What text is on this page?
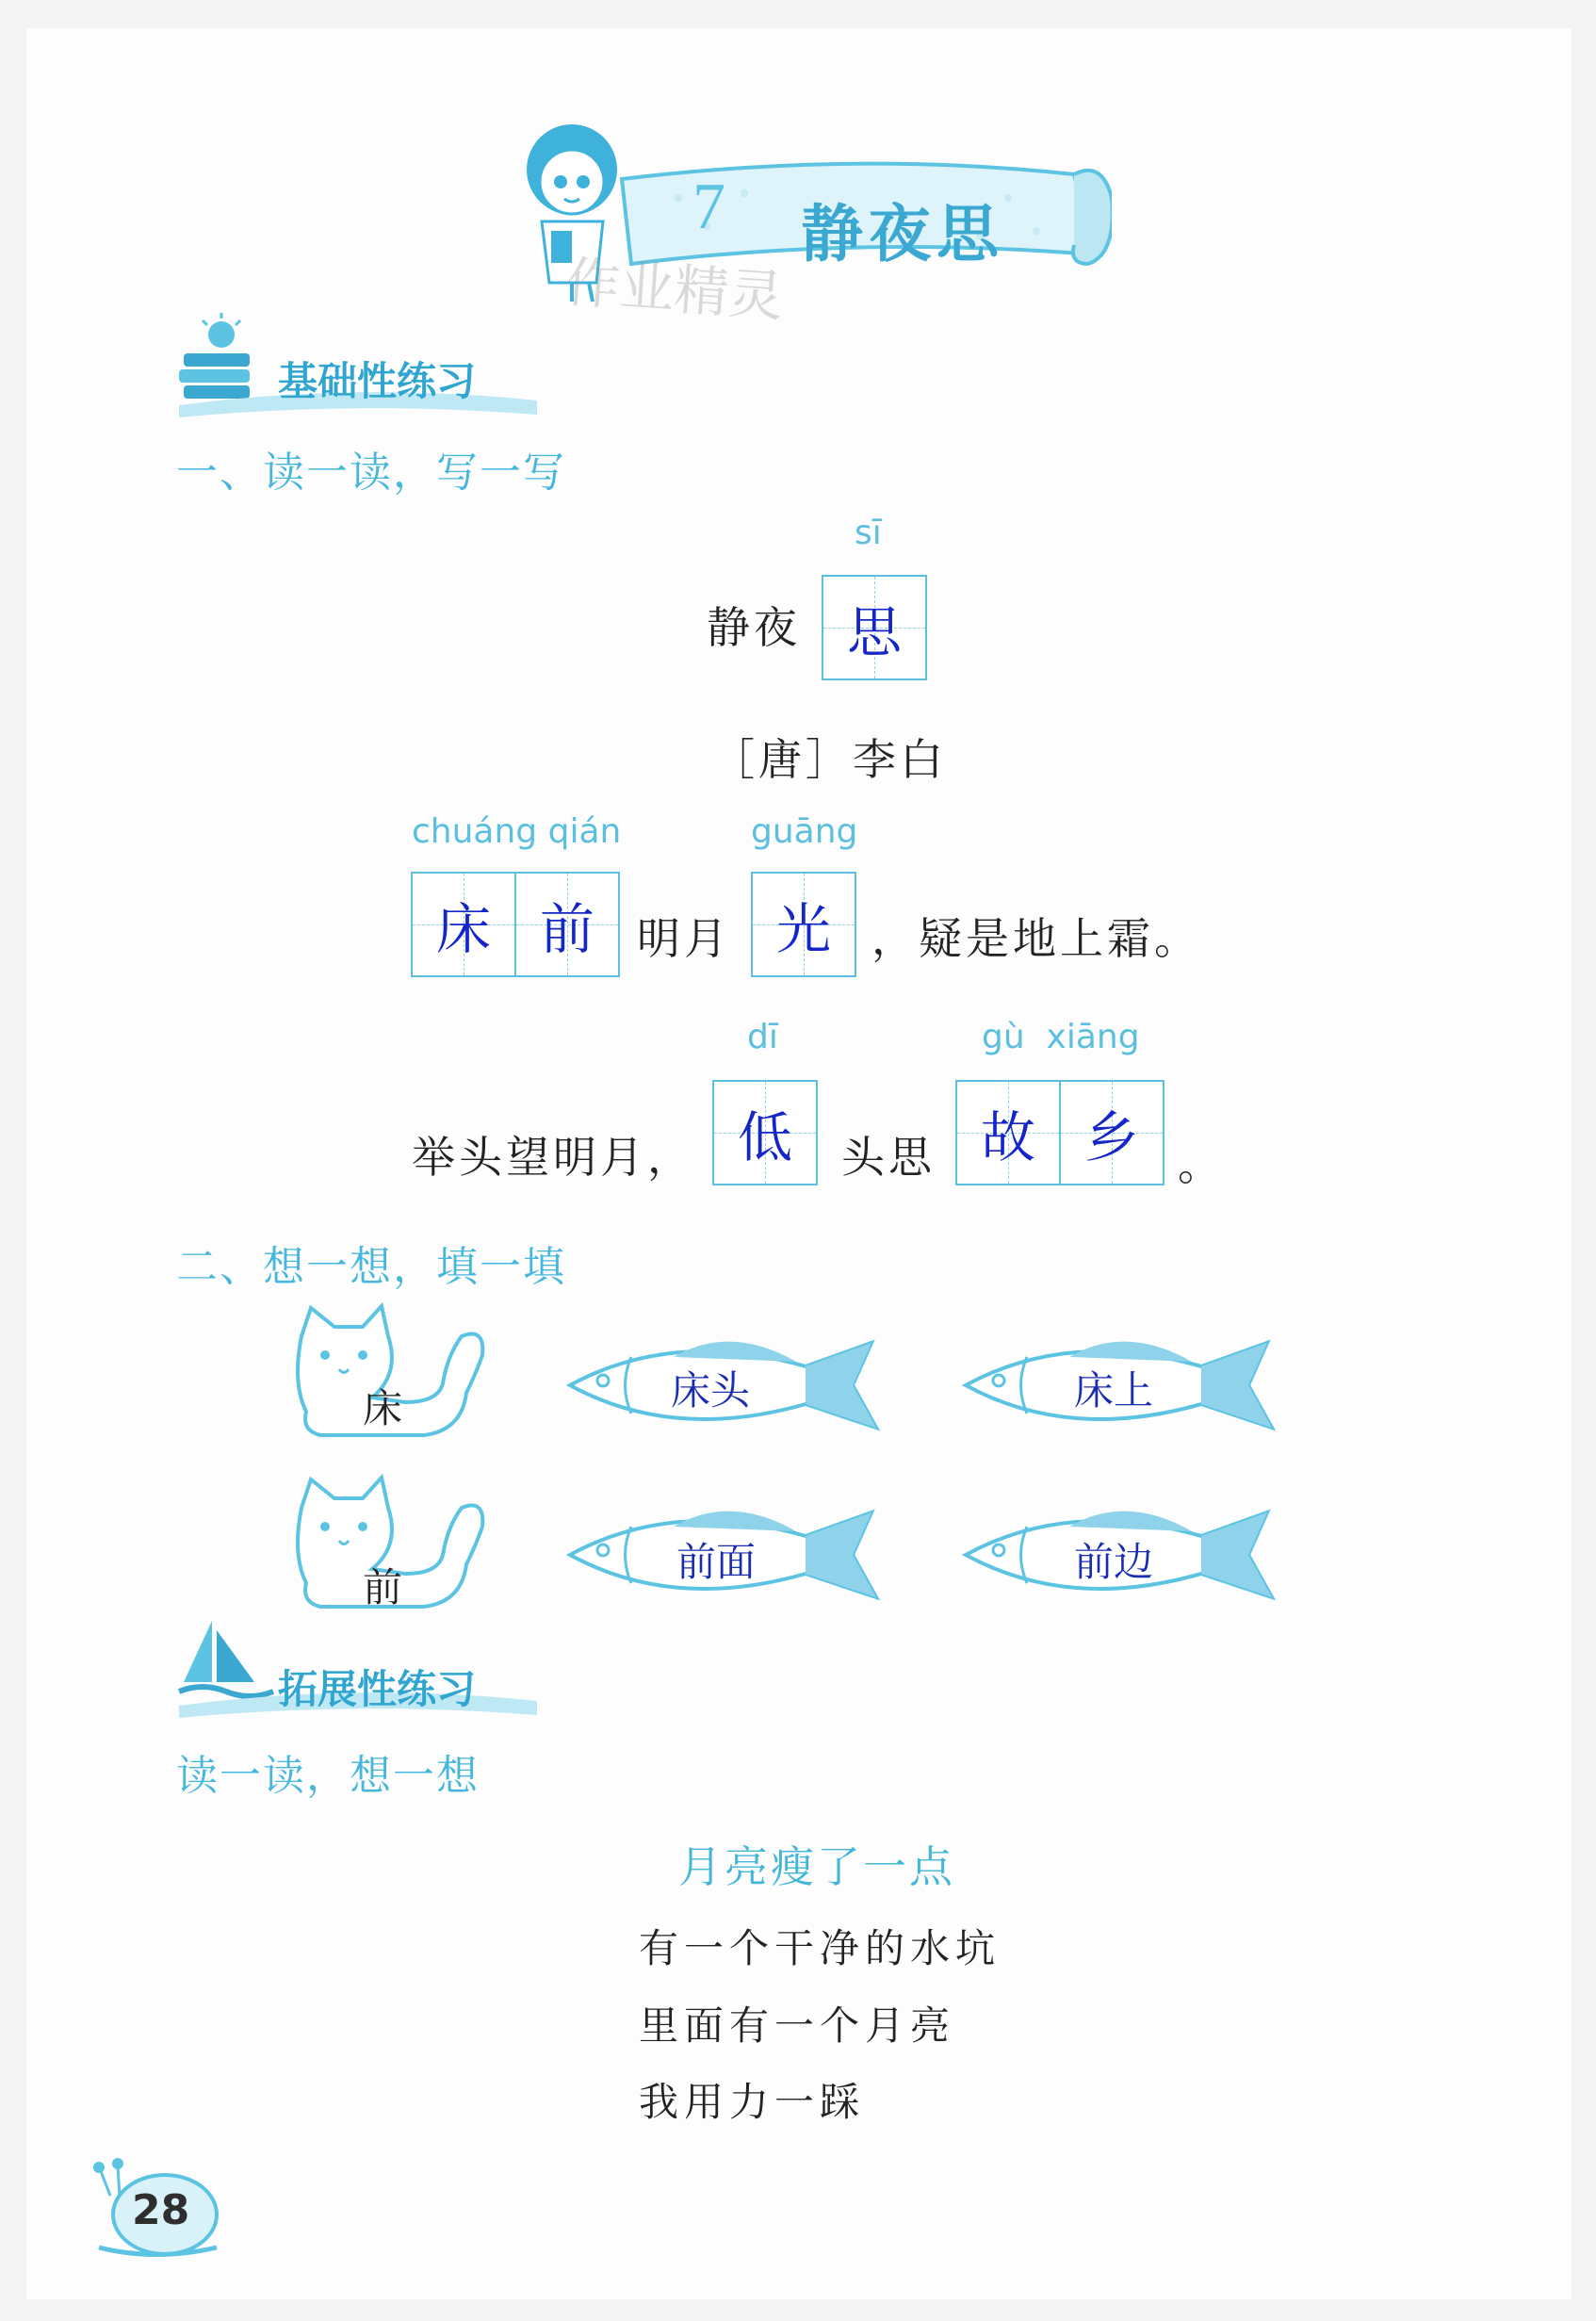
7 静夜思
作业精灵
基础性练习
一、读一读，写一写
sī
静夜 思
［唐］李白
chuáng qián	guāng
床 前 明月 光 ，疑是地上霜。
dī	gù  xiāng
举头望明月， 低	头思 故 乡 。
二、想一想，填一填
床	床头	床上
前
前面	前边
拓展性练习
读一读，想一想
月亮瘦了一点
有一个干净的水坑
里面有一个月亮
我用力一踩
28
